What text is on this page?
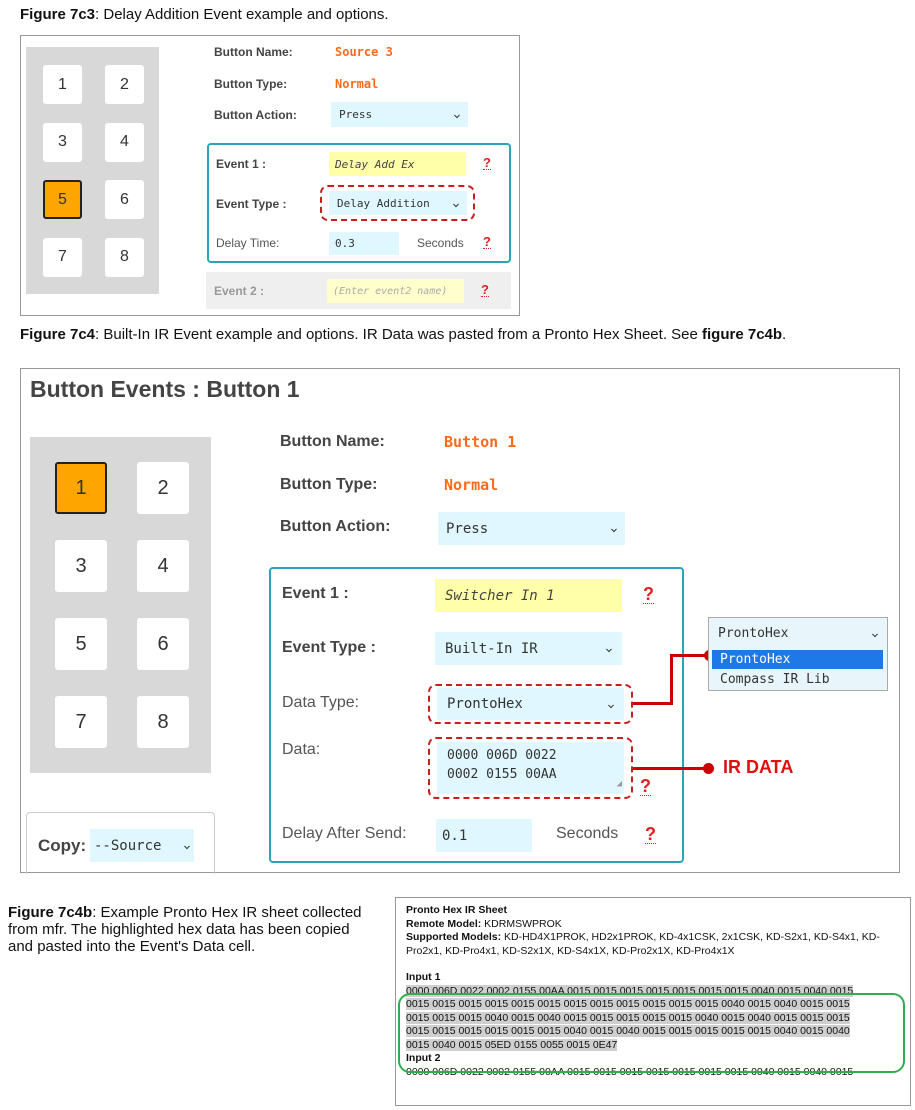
Figure 7c3: Delay Addition Event example and options.
1	2
3	4
5	6
7	8
Button Name:	Source 3
Button Type:	Normal
Button Action:	Press	⌄
Event 1 :	Delay Add Ex	?
Event Type :	Delay Addition ⌄
Delay Time:	0.3	Seconds ?
Event 2 :	(Enter event2 name)	?
Figure 7c4: Built-In IR Event example and options. IR Data was pasted from a Pronto Hex Sheet. See figure 7c4b.
Button Events : Button 1
1	2
3	4
5	6
7	8
Copy: --Source ⌄
Button Name:	Button 1
Button Type:	Normal
Button Action:	Press	⌄
Event 1 :	Switcher In 1	?
Event Type :	Built-In IR	⌄
Data Type:	ProntoHex	⌄
Data:	0000 006D 0022
0002 0155 00AA
◢ ?
Delay After Send:	0.1	Seconds ?
IR DATA
ProntoHex	⌄
ProntoHex
Compass IR Lib
Figure 7c4b: Example Pronto Hex IR sheet collected from mfr. The highlighted hex data has been copied and pasted into the Event's Data cell.
Pronto Hex IR Sheet
Remote Model: KDRMSWPROK
Supported Models: KD-HD4X1PROK, HD2x1PROK, KD-4x1CSK, 2x1CSK, KD-S2x1, KD-S4x1, KD-Pro2x1, KD-Pro4x1, KD-S2x1X, KD-S4x1X, KD-Pro2x1X, KD-Pro4x1X
Input 1
0000 006D 0022 0002 0155 00AA 0015 0015 0015 0015 0015 0015 0015 0040 0015 0040 0015
0015 0015 0015 0015 0015 0015 0015 0015 0015 0015 0015 0015 0040 0015 0040 0015 0015
0015 0015 0015 0040 0015 0040 0015 0015 0015 0015 0015 0040 0015 0040 0015 0015 0015
0015 0015 0015 0015 0015 0015 0040 0015 0040 0015 0015 0015 0015 0015 0040 0015 0040
0015 0040 0015 05ED 0155 0055 0015 0E47
Input 2
0000 006D 0022 0002 0155 00AA 0015 0015 0015 0015 0015 0015 0015 0040 0015 0040 0015
